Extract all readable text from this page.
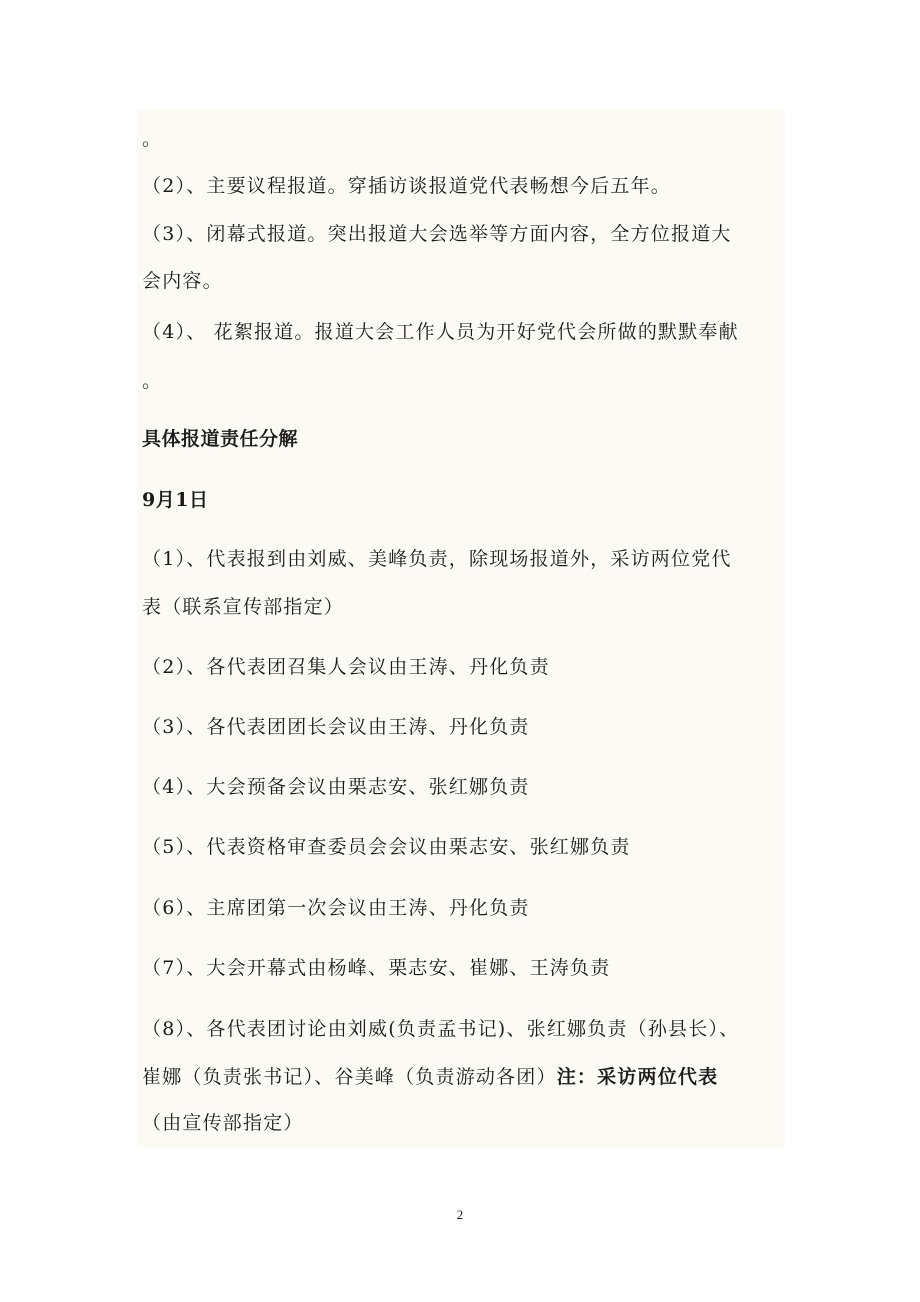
。
（2）、主要议程报道。穿插访谈报道党代表畅想今后五年。
（3）、闭幕式报道。突出报道大会选举等方面内容，全方位报道大
会内容。
（4）、 花絮报道。报道大会工作人员为开好党代会所做的默默奉献
。
具体报道责任分解
9月1日
（1）、代表报到由刘威、美峰负责，除现场报道外，采访两位党代
表（联系宣传部指定）
（2）、各代表团召集人会议由王涛、丹化负责
（3）、各代表团团长会议由王涛、丹化负责
（4）、大会预备会议由栗志安、张红娜负责
（5）、代表资格审查委员会会议由栗志安、张红娜负责
（6）、主席团第一次会议由王涛、丹化负责
（7）、大会开幕式由杨峰、栗志安、崔娜、王涛负责
（8）、各代表团讨论由刘威(负责孟书记)、张红娜负责（孙县长）、
崔娜（负责张书记）、谷美峰（负责游动各团）注：采访两位代表
（由宣传部指定）
2
